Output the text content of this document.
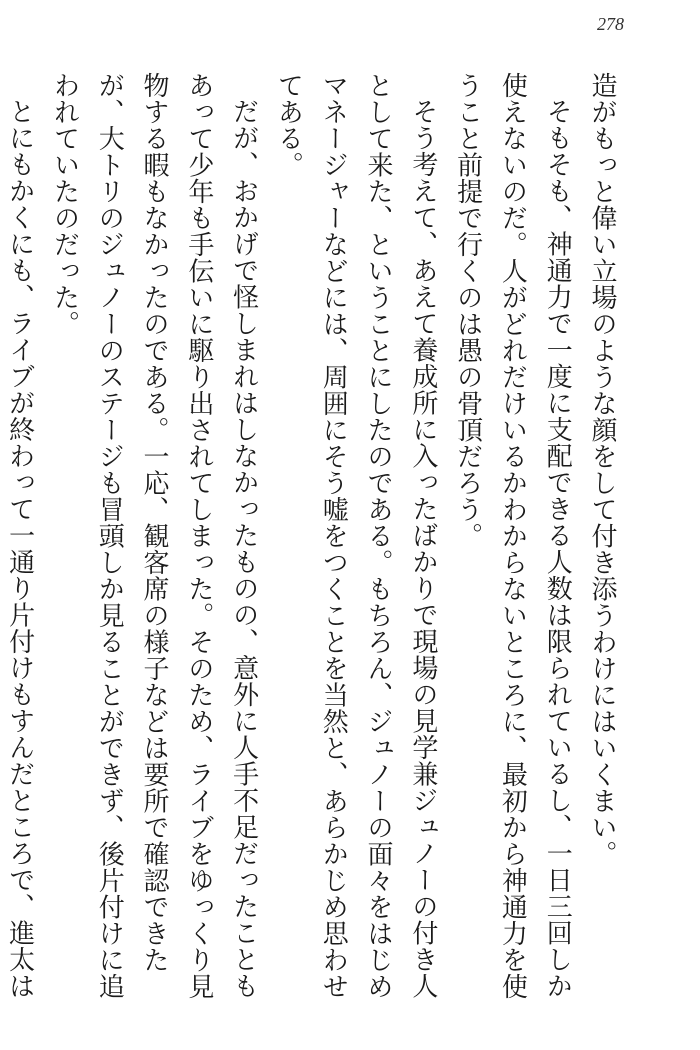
278

造がもっと偉い立場のような顔をして付き添うわけにはいくまい。

そもそも、神通力で一度に支配できる人数は限られているし、一日三回しか使えないのだ。人がどれだけいるかわからないところに、最初から神通力を使うこと前提で行くのは愚の骨頂だろう。

そう考えて、あえて養成所に入ったばかりで現場の見学兼ジュノーの付き人として来た、ということにしたのである。もちろん、ジュノーの面々をはじめマネージャーなどには、周囲にそう嘘をつくことを当然と、あらかじめ思わせてある。

だが、おかげで怪しまれはしなかったものの、意外に人手不足だったこともあって少年も手伝いに駆り出されてしまった。そのため、ライブをゆっくり見物する暇もなかったのである。一応、観客席の様子などは要所で確認できたが、大トリのジュノーのステージも冒頭しか見ることができず、後片付けに追われていたのだった。

とにもかくにも、ライブが終わって一通り片付けもすんだところで、進太は
